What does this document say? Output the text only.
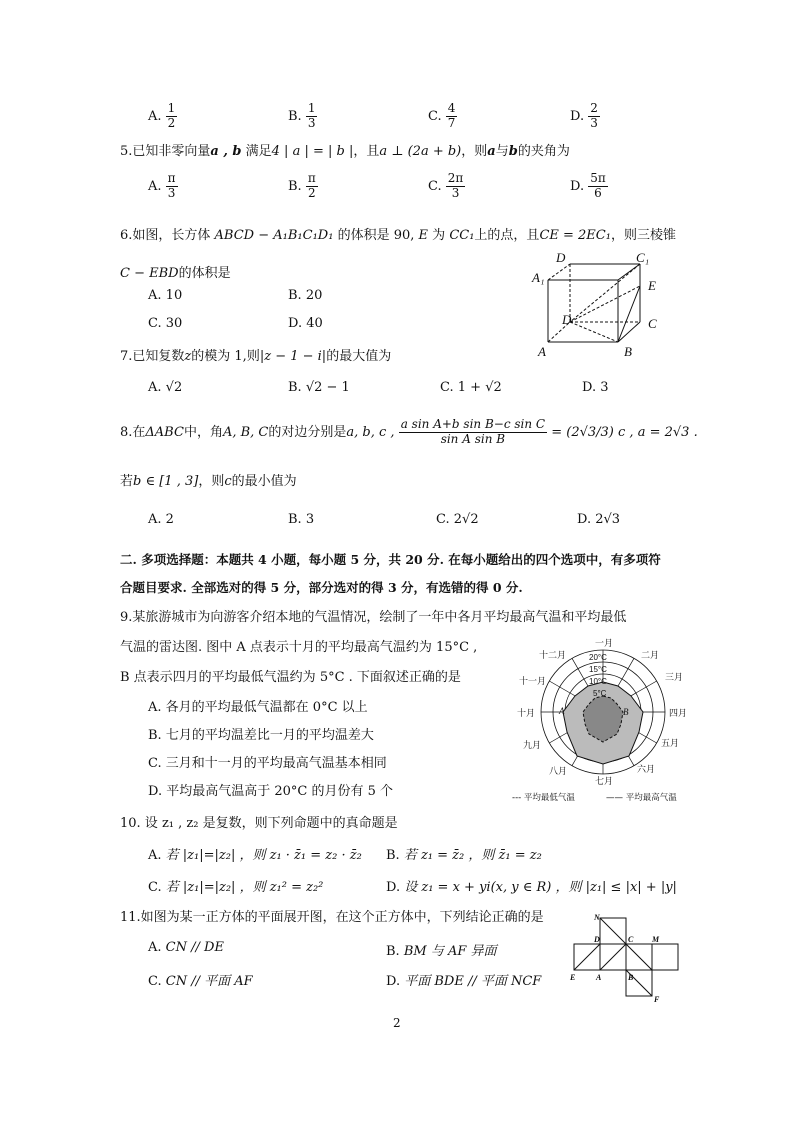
A. $\frac{1}{2}$	B. $\frac{1}{3}$	C. $\frac{4}{7}$	D. $\frac{2}{3}$
5.已知非零向量a , b 满足4 | a | = | b |，且a ⊥ (2a + b)，则a与b的夹角为
A. $\frac{\pi}{3}$	B. $\frac{\pi}{2}$	C. $\frac{2\pi}{3}$	D. $\frac{5\pi}{6}$
6.如图，长方体 ABCD − A₁B₁C₁D₁ 的体积是 90, E 为 CC₁上的点，且CE = 2EC₁，则三棱锥
C − EBD的体积是
A. 10	B. 20
C. 30	D. 40
D
A₁
C₁
E
D	C
A	B
7.已知复数z的模为 1,则|z − 1 − i|的最大值为
A. √2	B. √2 − 1	C. 1 + √2	D. 3
8.在ΔABC中，角A, B, C的对边分别是a, b, c , $\frac{\text{a sin A+b sin B−c sin C}}{\text{sin A sin B}} = (2√3/3)$ c , a = 2√3 .
若b ∈ [1 , 3]，则c的最小值为
A. 2	B. 3	C. 2√2	D. 2√3
二. 多项选择题：本题共 4 小题，每小题 5 分，共 20 分. 在每小题给出的四个选项中，有多项符
合题目要求. 全部选对的得 5 分，部分选对的得 3 分，有选错的得 0 分.
9.某旅游城市为向游客介绍本地的气温情况，绘制了一年中各月平均最高气温和平均最低
气温的雷达图. 图中 A 点表示十月的平均最高气温约为 15°C ,
B 点表示四月的平均最低气温约为 5°C . 下面叙述正确的是
A. 各月的平均最低气温都在 0°C 以上
B. 七月的平均温差比一月的平均温差大
C. 三月和十一月的平均最高气温基本相同
D. 平均最高气温高于 20°C 的月份有 5 个
20°C
15°C
10°C
5°C
A	B
一月
二月
三月
四月
五月
六月
七月
八月
九月
十月
十一月
十二月
--- 平均最低气温	—— 平均最高气温
10. 设 z₁ , z₂ 是复数，则下列命题中的真命题是
A. 若 |z₁|=|z₂| ，则 z₁ · z̄₁ = z₂ · z̄₂ B. 若 z₁ = z̄₂ ，则 z̄₁ = z₂
C. 若 |z₁|=|z₂| ，则 z₁² = z₂²	D. 设 z₁ = x + yi(x, y ∈ R) ，则 |z₁| ≤ |x| + |y|
11.如图为某一正方体的平面展开图，在这个正方体中，下列结论正确的是
A. CN // DE	B. BM 与 AF 异面
C. CN // 平面 AF	D. 平面 BDE // 平面 NCF
N
D	C M
E	A	B
F
2
